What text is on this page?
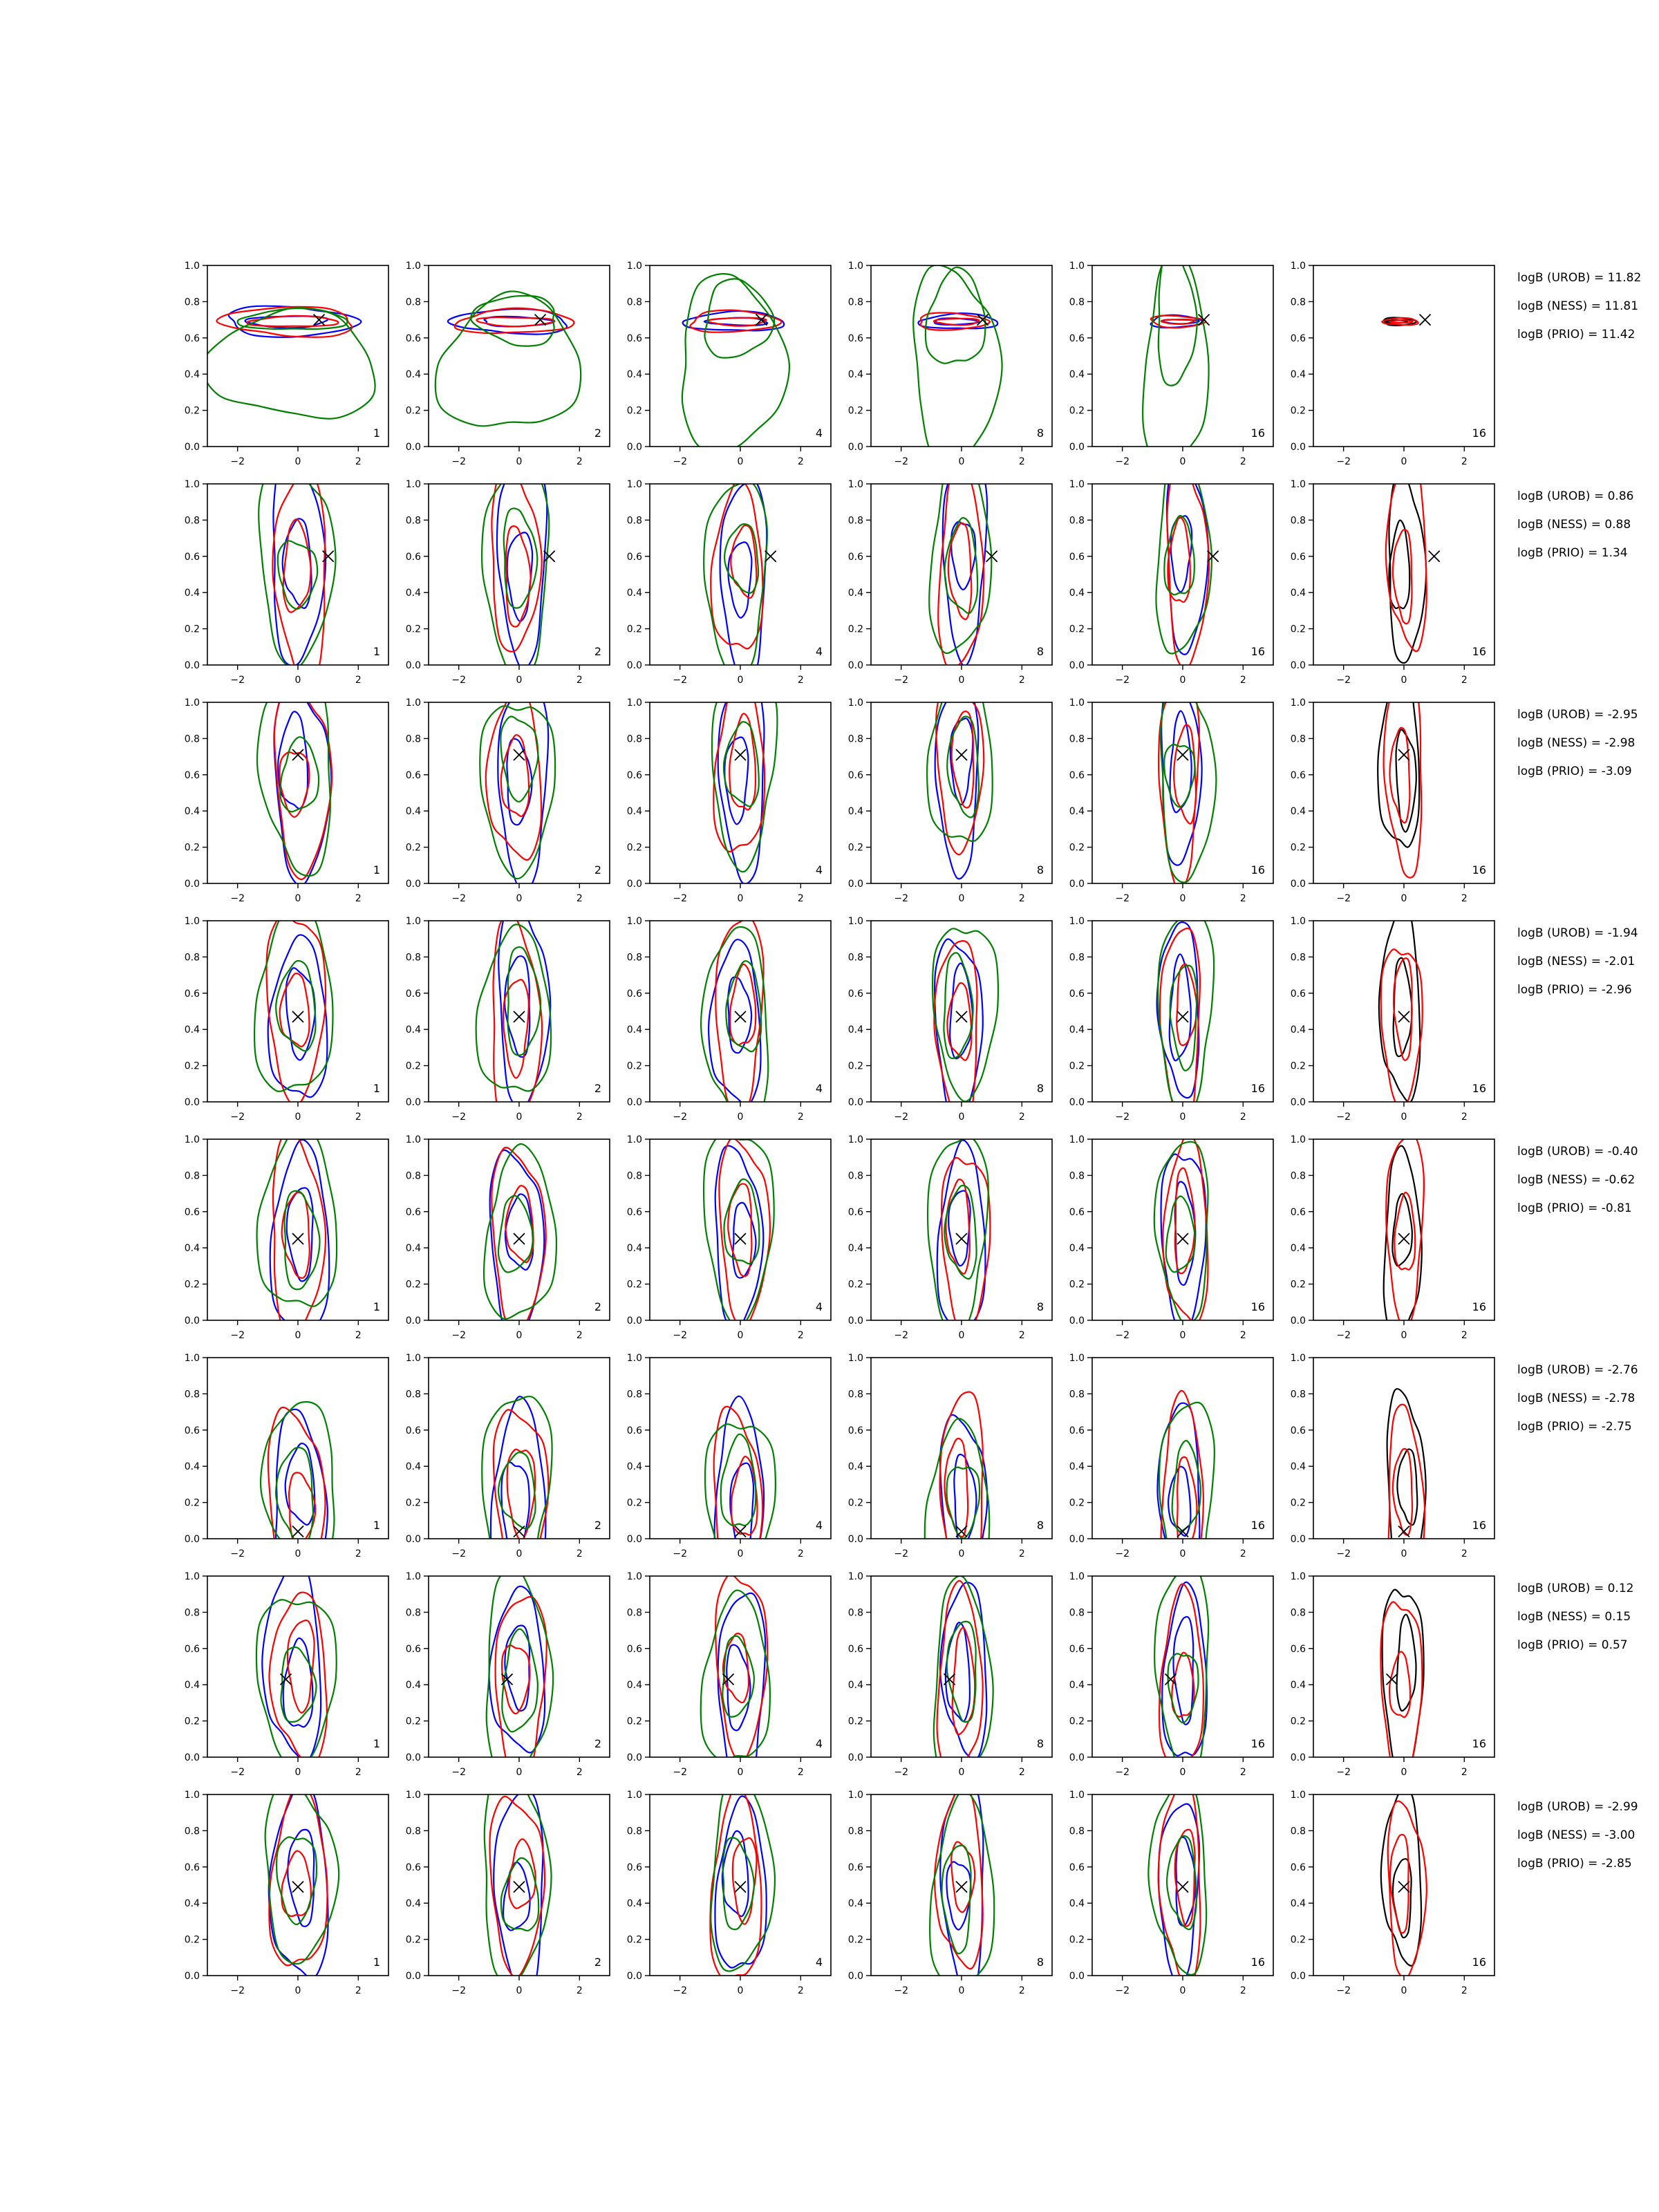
logB (UROB) = 11.82
logB (NESS) = 11.81
logB (PRIO) = 11.42
−2	0	2
0.0
0.2
0.4
0.6
0.8
1.0
1
−2	0	2
0.0
0.2
0.4
0.6
0.8
1.0
2
−2	0	2
0.0
0.2
0.4
0.6
0.8
1.0
4
−2	0	2
0.0
0.2
0.4
0.6
0.8
1.0
8
−2	0	2
0.0
0.2
0.4
0.6
0.8
1.0
16
−2	0	2
0.0
0.2
0.4
0.6
0.8
1.0
16
logB (UROB) = 0.86
logB (NESS) = 0.88
logB (PRIO) = 1.34
−2	0	2
0.0
0.2
0.4
0.6
0.8
1.0
1
−2	0	2
0.0
0.2
0.4
0.6
0.8
1.0
2
−2	0	2
0.0
0.2
0.4
0.6
0.8
1.0
4
−2	0	2
0.0
0.2
0.4
0.6
0.8
1.0
8
−2	0	2
0.0
0.2
0.4
0.6
0.8
1.0
16
−2	0	2
0.0
0.2
0.4
0.6
0.8
1.0
16
logB (UROB) = -2.95
logB (NESS) = -2.98
logB (PRIO) = -3.09
−2	0	2
0.0
0.2
0.4
0.6
0.8
1.0
1
−2	0	2
0.0
0.2
0.4
0.6
0.8
1.0
2
−2	0	2
0.0
0.2
0.4
0.6
0.8
1.0
4
−2	0	2
0.0
0.2
0.4
0.6
0.8
1.0
8
−2	0	2
0.0
0.2
0.4
0.6
0.8
1.0
16
−2	0	2
0.0
0.2
0.4
0.6
0.8
1.0
16
logB (UROB) = -1.94
logB (NESS) = -2.01
logB (PRIO) = -2.96
−2	0	2
0.0
0.2
0.4
0.6
0.8
1.0
1
−2	0	2
0.0
0.2
0.4
0.6
0.8
1.0
2
−2	0	2
0.0
0.2
0.4
0.6
0.8
1.0
4
−2	0	2
0.0
0.2
0.4
0.6
0.8
1.0
8
−2	0	2
0.0
0.2
0.4
0.6
0.8
1.0
16
−2	0	2
0.0
0.2
0.4
0.6
0.8
1.0
16
logB (UROB) = -0.40
logB (NESS) = -0.62
logB (PRIO) = -0.81
−2	0	2
0.0
0.2
0.4
0.6
0.8
1.0
1
−2	0	2
0.0
0.2
0.4
0.6
0.8
1.0
2
−2	0	2
0.0
0.2
0.4
0.6
0.8
1.0
4
−2	0	2
0.0
0.2
0.4
0.6
0.8
1.0
8
−2	0	2
0.0
0.2
0.4
0.6
0.8
1.0
16
−2	0	2
0.0
0.2
0.4
0.6
0.8
1.0
16
logB (UROB) = -2.76
logB (NESS) = -2.78
logB (PRIO) = -2.75
−2	0	2
0.0
0.2
0.4
0.6
0.8
1.0
1
−2	0	2
0.0
0.2
0.4
0.6
0.8
1.0
2
−2	0	2
0.0
0.2
0.4
0.6
0.8
1.0
4
−2	0	2
0.0
0.2
0.4
0.6
0.8
1.0
8
−2	0	2
0.0
0.2
0.4
0.6
0.8
1.0
16
−2	0	2
0.0
0.2
0.4
0.6
0.8
1.0
16
logB (UROB) = 0.12
logB (NESS) = 0.15
logB (PRIO) = 0.57
−2	0	2
0.0
0.2
0.4
0.6
0.8
1.0
1
−2	0	2
0.0
0.2
0.4
0.6
0.8
1.0
2
−2	0	2
0.0
0.2
0.4
0.6
0.8
1.0
4
−2	0	2
0.0
0.2
0.4
0.6
0.8
1.0
8
−2	0	2
0.0
0.2
0.4
0.6
0.8
1.0
16
−2	0	2
0.0
0.2
0.4
0.6
0.8
1.0
16
logB (UROB) = -2.99
logB (NESS) = -3.00
logB (PRIO) = -2.85
−2	0	2
0.0
0.2
0.4
0.6
0.8
1.0
1
−2	0	2
0.0
0.2
0.4
0.6
0.8
1.0
2
−2	0	2
0.0
0.2
0.4
0.6
0.8
1.0
4
−2	0	2
0.0
0.2
0.4
0.6
0.8
1.0
8
−2	0	2
0.0
0.2
0.4
0.6
0.8
1.0
16
−2	0	2
0.0
0.2
0.4
0.6
0.8
1.0
16
